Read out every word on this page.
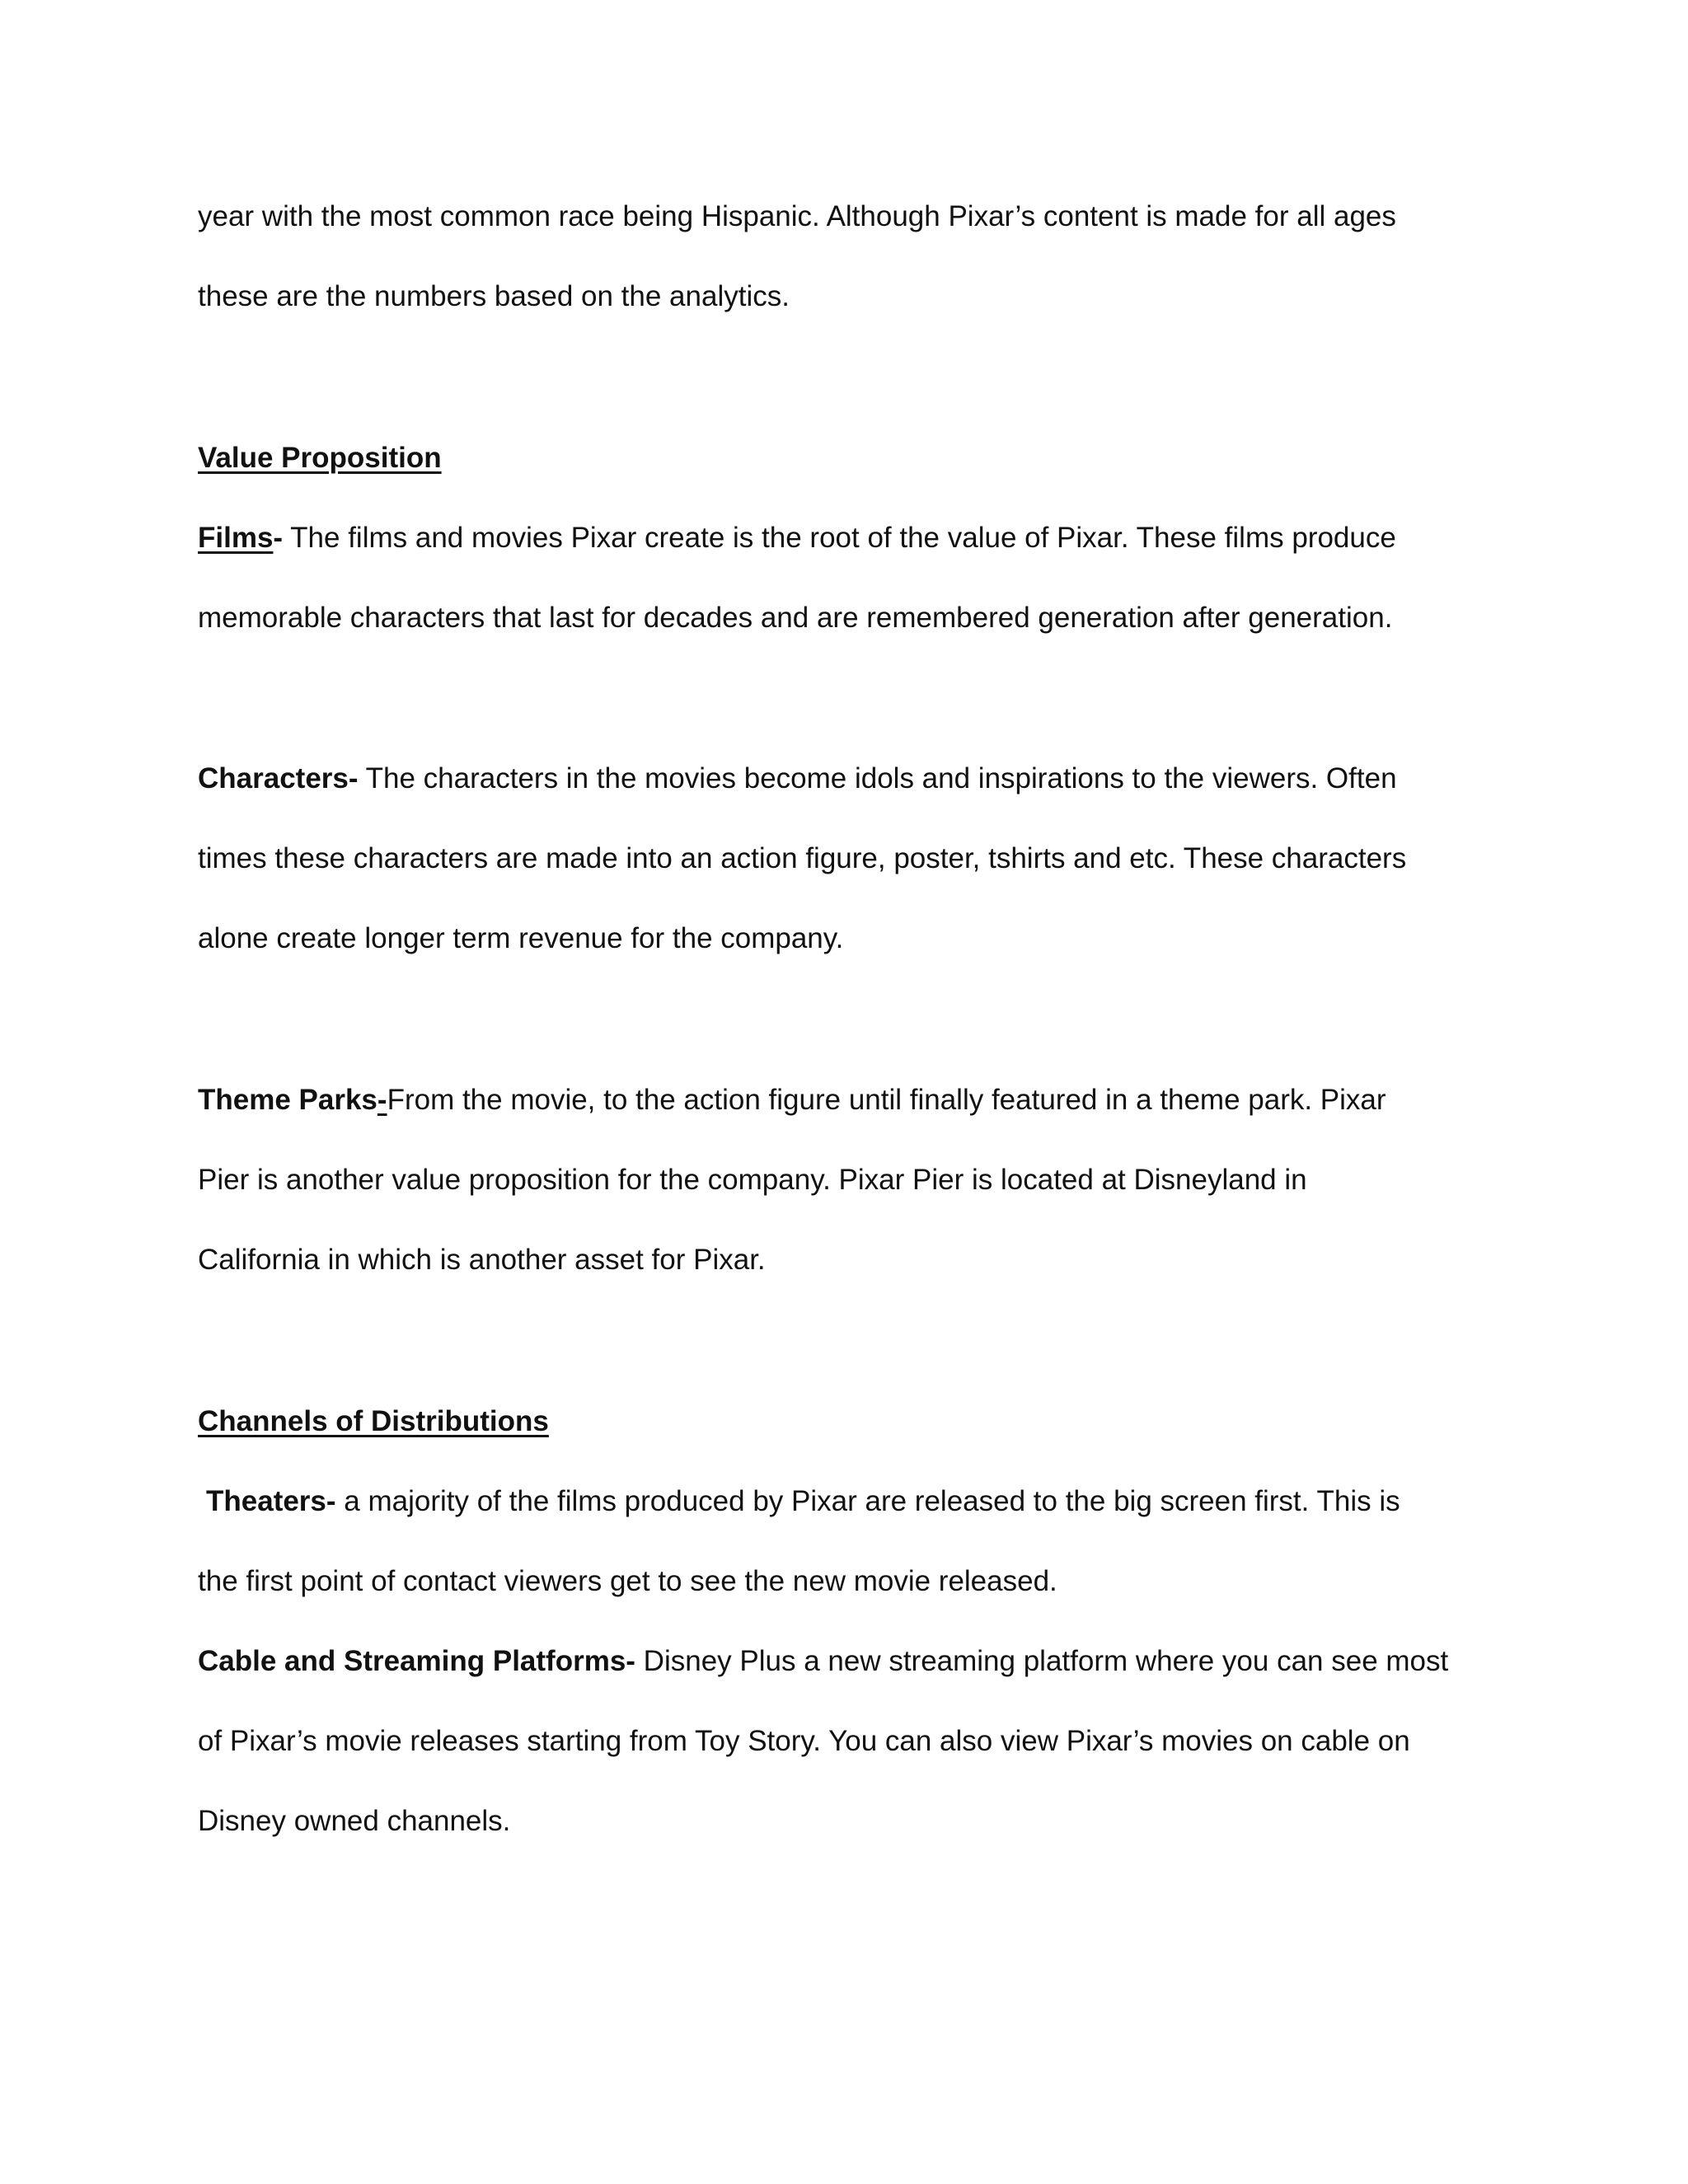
year with the most common race being Hispanic. Although Pixar’s content is made for all ages
these are the numbers based on the analytics.
Value Proposition
Films- The films and movies Pixar create is the root of the value of Pixar. These films produce
memorable characters that last for decades and are remembered generation after generation.
Characters- The characters in the movies become idols and inspirations to the viewers. Often
times these characters are made into an action figure, poster, tshirts and etc. These characters
alone create longer term revenue for the company.
Theme Parks-From the movie, to the action figure until finally featured in a theme park. Pixar
Pier is another value proposition for the company. Pixar Pier is located at Disneyland in
California in which is another asset for Pixar.
Channels of Distributions
Theaters- a majority of the films produced by Pixar are released to the big screen first. This is
the first point of contact viewers get to see the new movie released.
Cable and Streaming Platforms- Disney Plus a new streaming platform where you can see most
of Pixar’s movie releases starting from Toy Story. You can also view Pixar’s movies on cable on
Disney owned channels.
